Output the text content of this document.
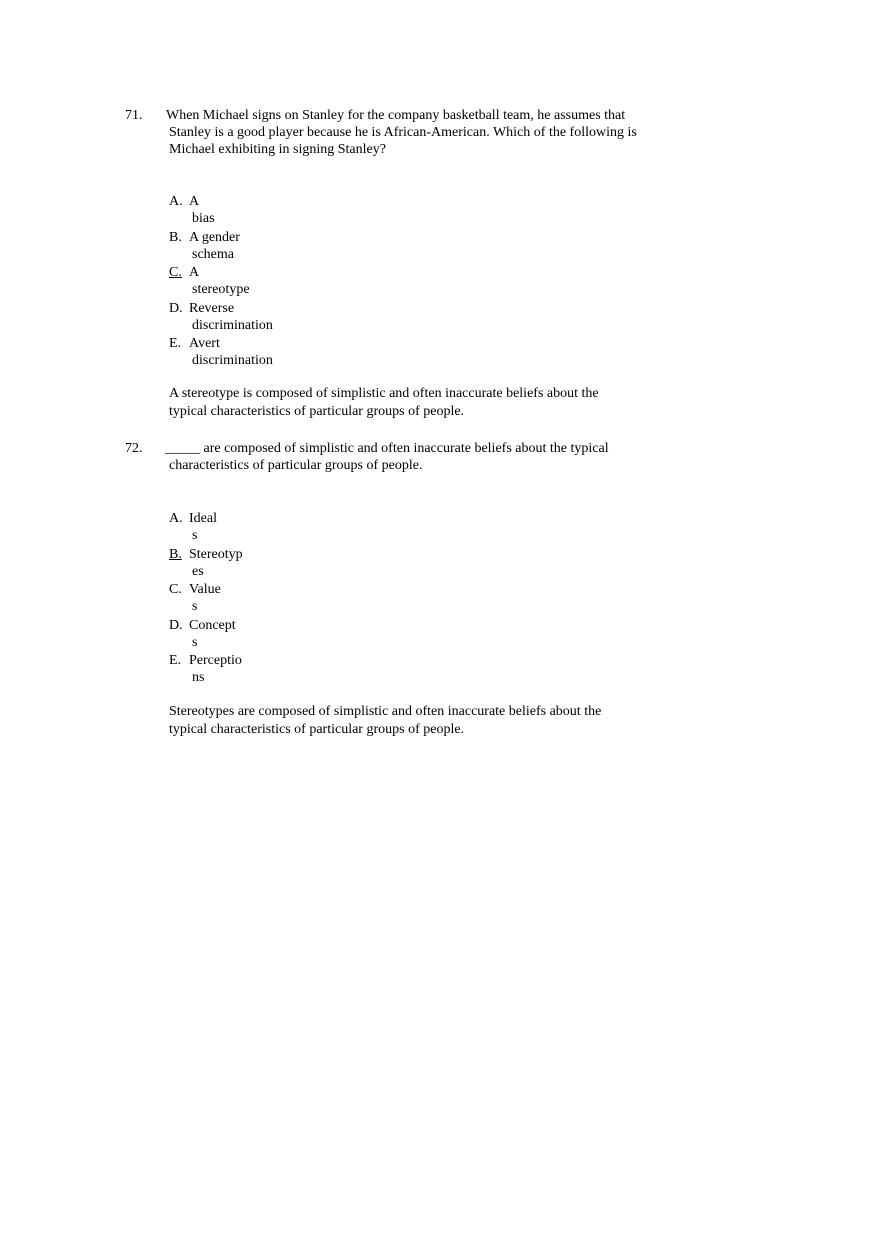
71. When Michael signs on Stanley for the company basketball team, he assumes that
Stanley is a good player because he is African-American. Which of the following is
Michael exhibiting in signing Stanley?
A. A
bias
B. A gender
schema
C. A
stereotype
D. Reverse
discrimination
E. Avert
discrimination
A stereotype is composed of simplistic and often inaccurate beliefs about the
typical characteristics of particular groups of people.
72. _____ are composed of simplistic and often inaccurate beliefs about the typical
characteristics of particular groups of people.
A. Ideal
s
B. Stereotyp
es
C. Value
s
D. Concept
s
E. Perceptio
ns
Stereotypes are composed of simplistic and often inaccurate beliefs about the
typical characteristics of particular groups of people.
